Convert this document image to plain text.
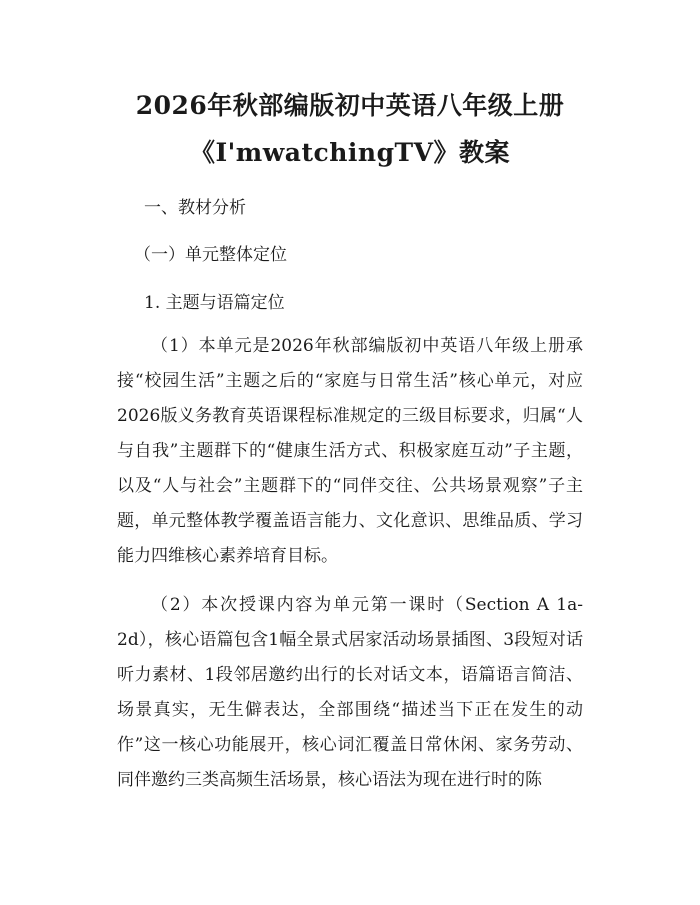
2026年秋部编版初中英语八年级上册
《I'mwatchingTV》教案

一、教材分析

（一）单元整体定位

1. 主题与语篇定位

（1）本单元是2026年秋部编版初中英语八年级上册承接“校园生活”主题之后的“家庭与日常生活”核心单元，对应2026版义务教育英语课程标准规定的三级目标要求，归属“人与自我”主题群下的“健康生活方式、积极家庭互动”子主题，以及“人与社会”主题群下的“同伴交往、公共场景观察”子主题，单元整体教学覆盖语言能力、文化意识、思维品质、学习能力四维核心素养培育目标。

（2）本次授课内容为单元第一课时（Section A 1a-2d），核心语篇包含1幅全景式居家活动场景插图、3段短对话听力素材、1段邻居邀约出行的长对话文本，语篇语言简洁、场景真实，无生僻表达，全部围绕“描述当下正在发生的动作”这一核心功能展开，核心词汇覆盖日常休闲、家务劳动、同伴邀约三类高频生活场景，核心语法为现在进行时的陈
